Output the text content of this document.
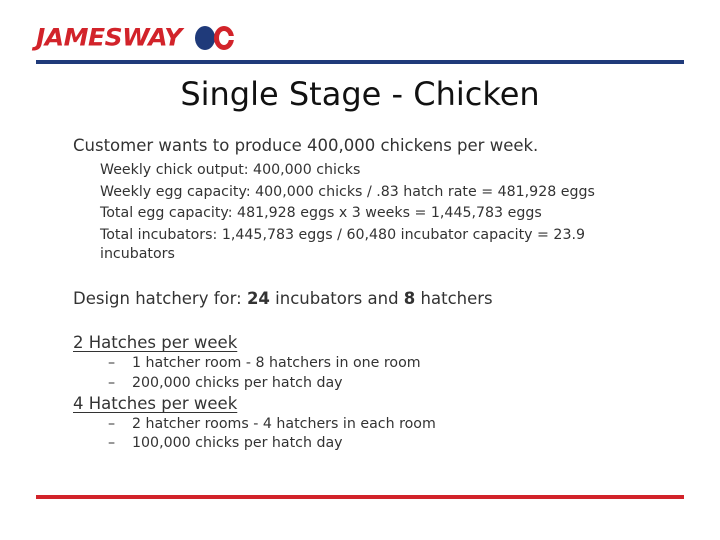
JAMESWAY
Single Stage - Chicken
Customer wants to produce 400,000 chickens per week.
Weekly chick output: 400,000 chicks
Weekly egg capacity: 400,000 chicks / .83 hatch rate = 481,928 eggs
Total egg capacity: 481,928 eggs x 3 weeks = 1,445,783 eggs
Total incubators: 1,445,783 eggs / 60,480 incubator capacity = 23.9 incubators
Design hatchery for: 24 incubators and 8 hatchers
2 Hatches per week
– 1 hatcher room - 8 hatchers in one room
– 200,000 chicks per hatch day
4 Hatches per week
– 2 hatcher rooms - 4 hatchers in each room
– 100,000 chicks per hatch day
